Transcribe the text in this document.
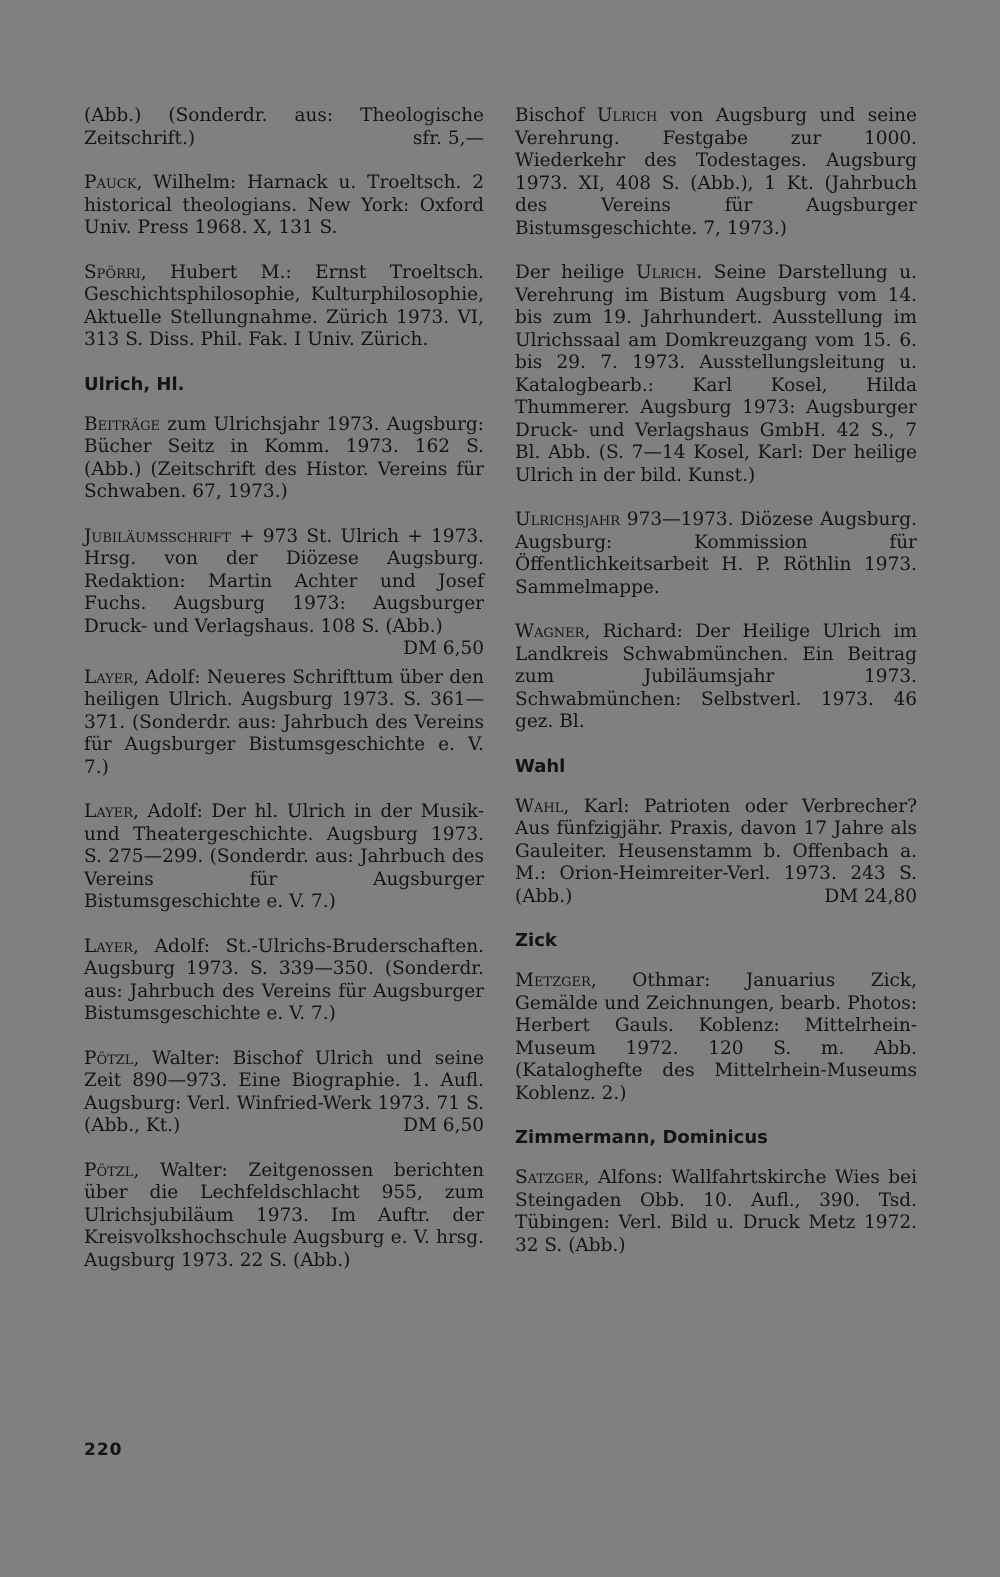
(Abb.) (Sonderdr. aus: Theologische Zeitschrift.)	sfr. 5,—

Pauck, Wilhelm: Harnack u. Troeltsch. 2 historical theologians. New York: Oxford Univ. Press 1968. X, 131 S.

Spörri, Hubert M.: Ernst Troeltsch. Geschichtsphilosophie, Kulturphilosophie, Aktuelle Stellungnahme. Zürich 1973. VI, 313 S. Diss. Phil. Fak. I Univ. Zürich.

Ulrich, Hl.

Beiträge zum Ulrichsjahr 1973. Augsburg: Bücher Seitz in Komm. 1973. 162 S. (Abb.) (Zeitschrift des Histor. Vereins für Schwaben. 67, 1973.)

Jubiläumsschrift + 973 St. Ulrich + 1973. Hrsg. von der Diözese Augsburg. Redaktion: Martin Achter und Josef Fuchs. Augsburg 1973: Augsburger Druck- und Verlagshaus. 108 S. (Abb.)

DM 6,50

Layer, Adolf: Neueres Schrifttum über den heiligen Ulrich. Augsburg 1973. S. 361—371. (Sonderdr. aus: Jahrbuch des Vereins für Augsburger Bistumsgeschichte e. V. 7.)

Layer, Adolf: Der hl. Ulrich in der Musik- und Theatergeschichte. Augsburg 1973. S. 275—299. (Sonderdr. aus: Jahrbuch des Vereins für Augsburger Bistumsgeschichte e. V. 7.)

Layer, Adolf: St.-Ulrichs-Bruderschaften. Augsburg 1973. S. 339—350. (Sonderdr. aus: Jahrbuch des Vereins für Augsburger Bistumsgeschichte e. V. 7.)

Pötzl, Walter: Bischof Ulrich und seine Zeit 890—973. Eine Biographie. 1. Aufl. Augsburg: Verl. Winfried-Werk 1973. 71 S. (Abb., Kt.)	DM 6,50

Pötzl, Walter: Zeitgenossen berichten über die Lechfeldschlacht 955, zum Ulrichsjubiläum 1973. Im Auftr. der Kreisvolkshochschule Augsburg e. V. hrsg. Augsburg 1973. 22 S. (Abb.)

Bischof Ulrich von Augsburg und seine Verehrung. Festgabe zur 1000. Wiederkehr des Todestages. Augsburg 1973. XI, 408 S. (Abb.), 1 Kt. (Jahrbuch des Vereins für Augsburger Bistumsgeschichte. 7, 1973.)

Der heilige Ulrich. Seine Darstellung u. Verehrung im Bistum Augsburg vom 14. bis zum 19. Jahrhundert. Ausstellung im Ulrichssaal am Domkreuzgang vom 15. 6. bis 29. 7. 1973. Ausstellungsleitung u. Katalogbearb.: Karl Kosel, Hilda Thummerer. Augsburg 1973: Augsburger Druck- und Verlagshaus GmbH. 42 S., 7 Bl. Abb. (S. 7—14 Kosel, Karl: Der heilige Ulrich in der bild. Kunst.)

Ulrichsjahr 973—1973. Diözese Augsburg. Augsburg: Kommission für Öffentlichkeitsarbeit H. P. Röthlin 1973. Sammelmappe.

Wagner, Richard: Der Heilige Ulrich im Landkreis Schwabmünchen. Ein Beitrag zum Jubiläumsjahr 1973. Schwabmünchen: Selbstverl. 1973. 46 gez. Bl.

Wahl

Wahl, Karl: Patrioten oder Verbrecher? Aus fünfzigjähr. Praxis, davon 17 Jahre als Gauleiter. Heusenstamm b. Offenbach a. M.: Orion-Heimreiter-Verl. 1973. 243 S. (Abb.)	DM 24,80

Zick

Metzger, Othmar: Januarius Zick, Gemälde und Zeichnungen, bearb. Photos: Herbert Gauls. Koblenz: Mittelrhein-Museum 1972. 120 S. m. Abb. (Kataloghefte des Mittelrhein-Museums Koblenz. 2.)

Zimmermann, Dominicus

Satzger, Alfons: Wallfahrtskirche Wies bei Steingaden Obb. 10. Aufl., 390. Tsd. Tübingen: Verl. Bild u. Druck Metz 1972. 32 S. (Abb.)

220
